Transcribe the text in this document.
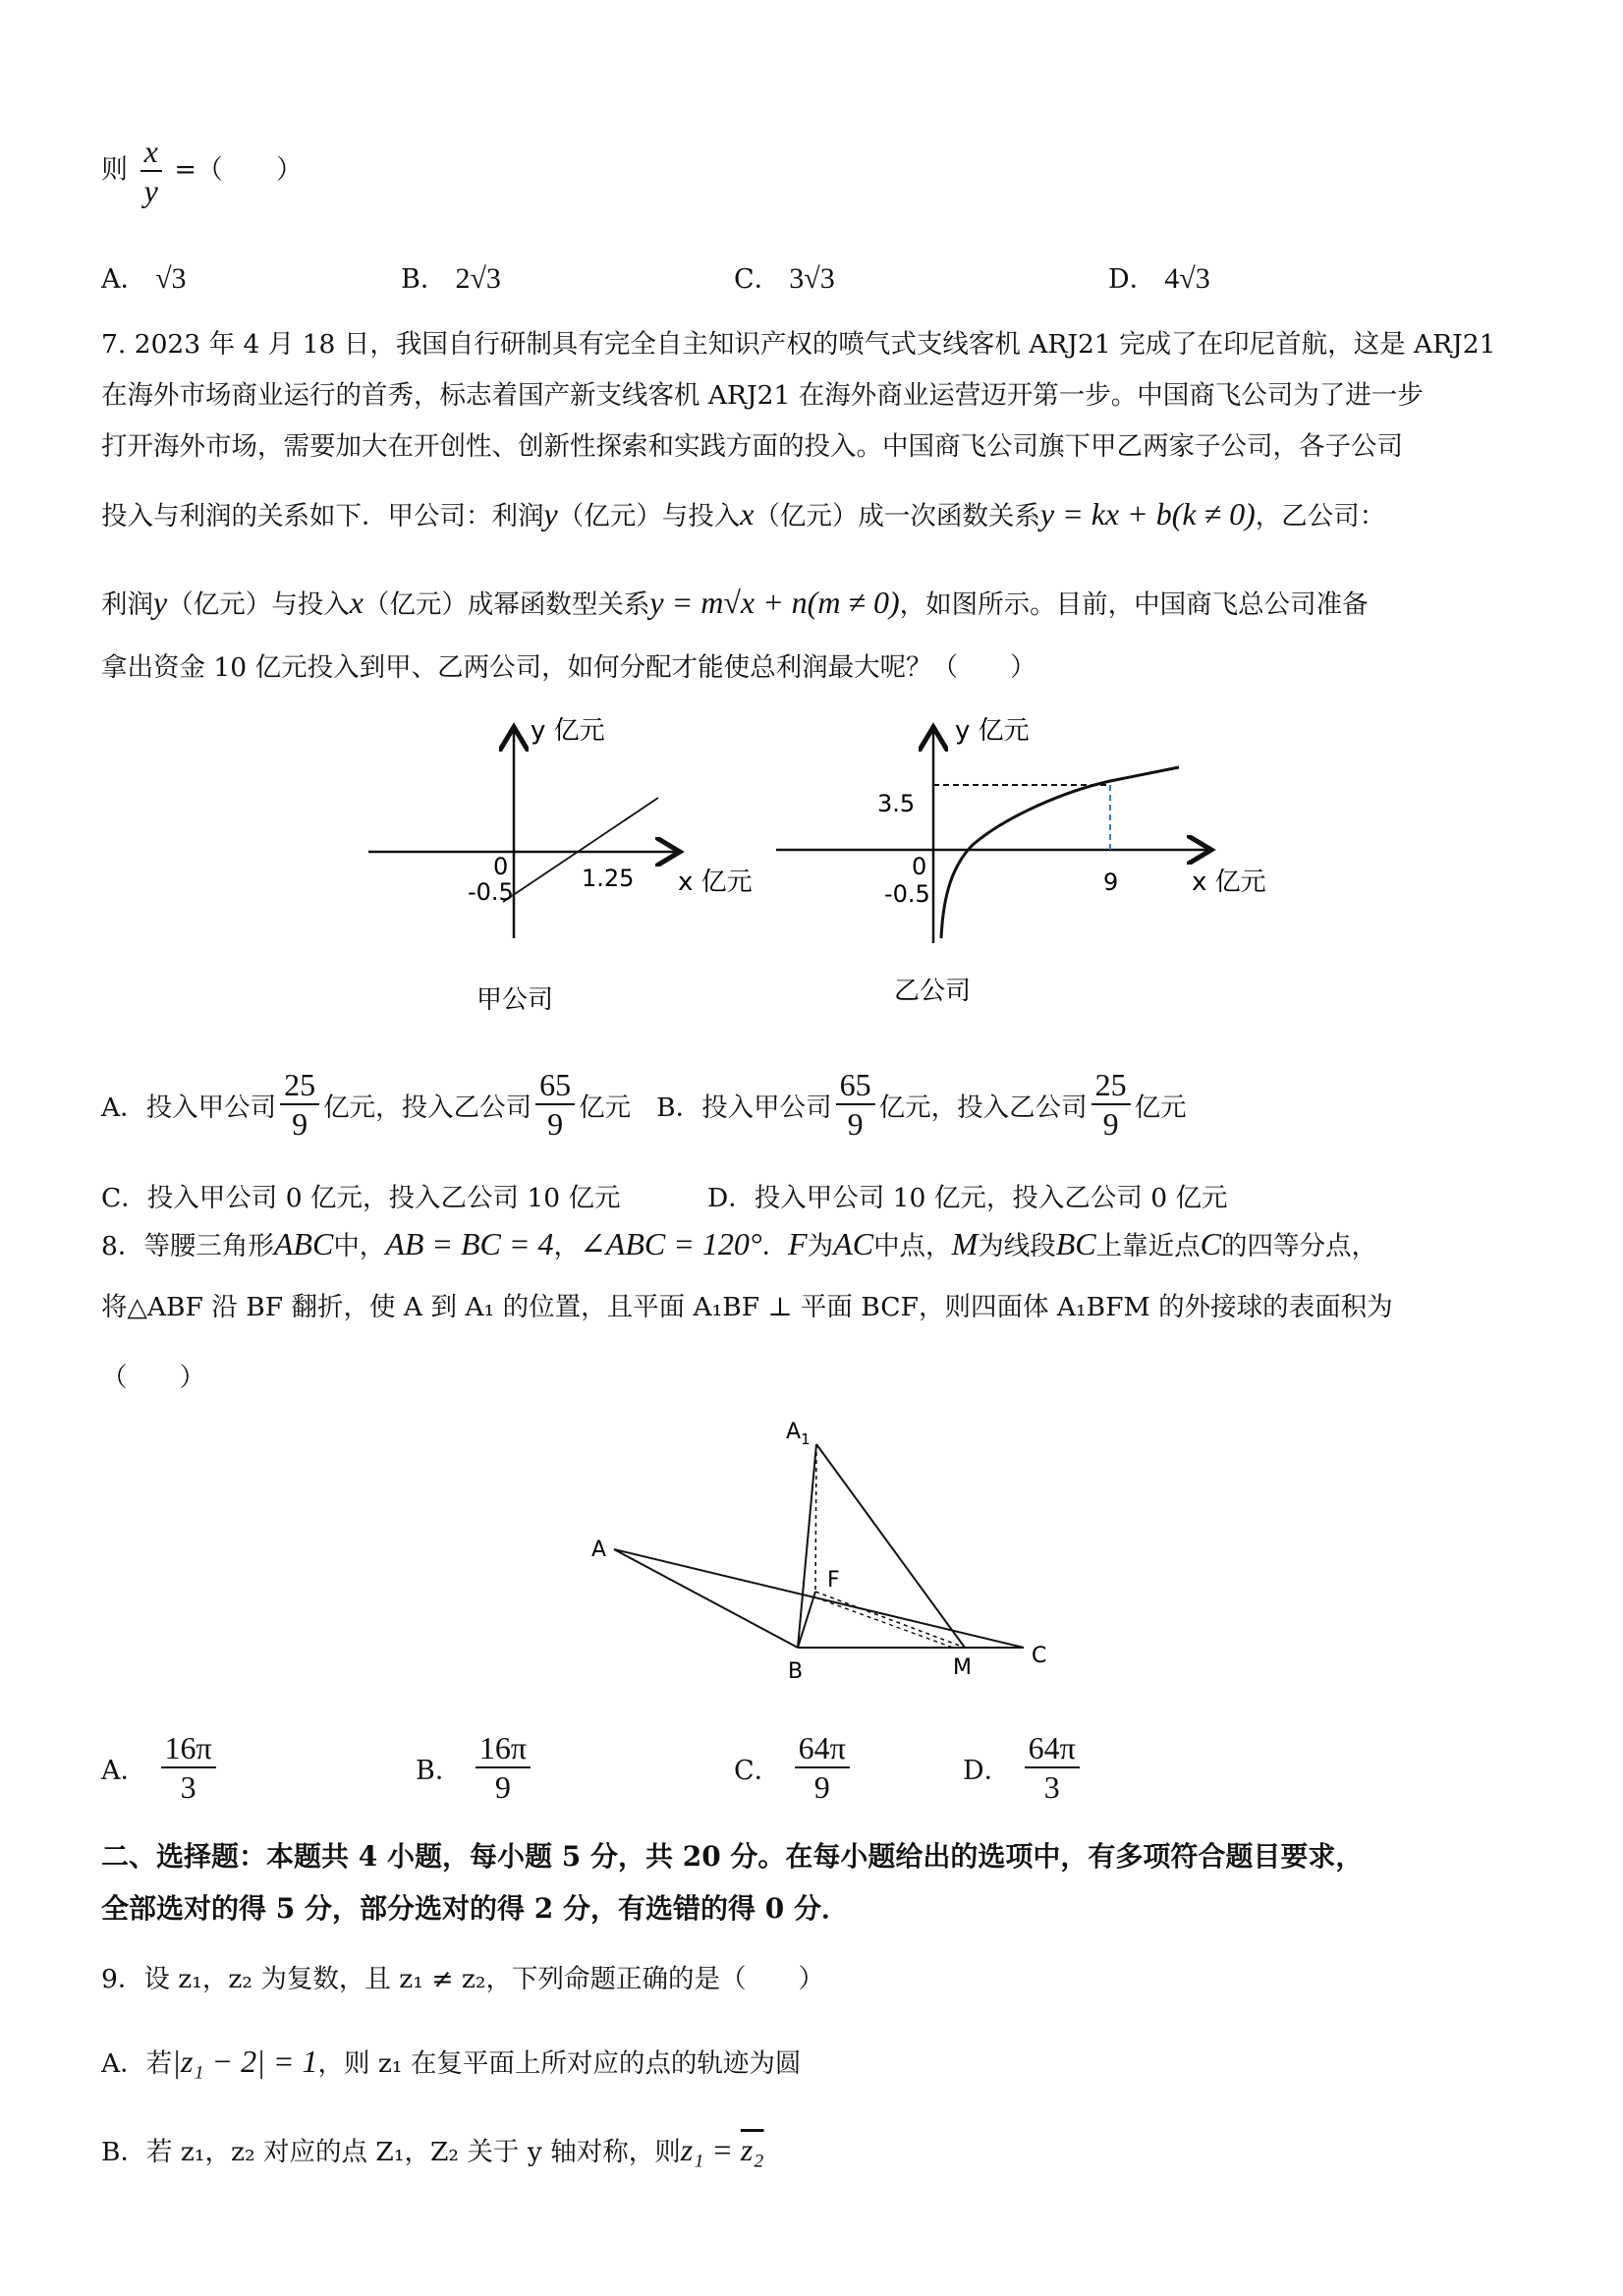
则 $\frac{x}{y}$ =（　　）
A． √3	B． 2√3	C． 3√3	D． 4√3
7. 2023 年 4 月 18 日，我国自行研制具有完全自主知识产权的喷气式支线客机 ARJ21 完成了在印尼首航，这是 ARJ21
在海外市场商业运行的首秀，标志着国产新支线客机 ARJ21 在海外商业运营迈开第一步。中国商飞公司为了进一步
打开海外市场，需要加大在开创性、创新性探索和实践方面的投入。中国商飞公司旗下甲乙两家子公司，各子公司
投入与利润的关系如下．甲公司：利润y（亿元）与投入x（亿元）成一次函数关系y = kx + b(k ≠ 0)，乙公司：
利润y（亿元）与投入x（亿元）成幂函数型关系y = m√x + n(m ≠ 0)，如图所示。目前，中国商飞总公司准备
拿出资金 10 亿元投入到甲、乙两公司，如何分配才能使总利润最大呢？（　　）
y 亿元
x 亿元
0
-0.5	1.25
甲公司
y 亿元
x 亿元
0
-0.5
3.5
9
乙公司
A． 投入甲公司 $\frac{25}{9}$ 亿元，投入乙公司 $\frac{65}{9}$ 亿元 B． 投入甲公司 $\frac{65}{9}$ 亿元，投入乙公司 $\frac{25}{9}$ 亿元
C．投入甲公司 0 亿元，投入乙公司 10 亿元	D．投入甲公司 10 亿元，投入乙公司 0 亿元
8．等腰三角形ABC中，AB = BC = 4，∠ABC = 120°．F为AC中点，M为线段BC上靠近点C的四等分点，
将△ABF 沿 BF 翻折，使 A 到 A₁ 的位置，且平面 A₁BF ⊥ 平面 BCF，则四面体 A₁BFM 的外接球的表面积为
（　　）
$A_1$
A
F
B	M	C
A． $\frac{16\pi}{3}$	B． $\frac{16\pi}{9}$	C． $\frac{64\pi}{9}$	D． $\frac{64\pi}{3}$
二、选择题：本题共 4 小题，每小题 5 分，共 20 分。在每小题给出的选项中，有多项符合题目要求，
全部选对的得 5 分，部分选对的得 2 分，有选错的得 0 分．
9．设 z₁，z₂ 为复数，且 z₁ ≠ z₂，下列命题正确的是（　　）
A．若|z₁ − 2| = 1，则 z₁ 在复平面上所对应的点的轨迹为圆
B．若 z₁，z₂ 对应的点 Z₁，Z₂ 关于 y 轴对称，则z₁ = z₂
